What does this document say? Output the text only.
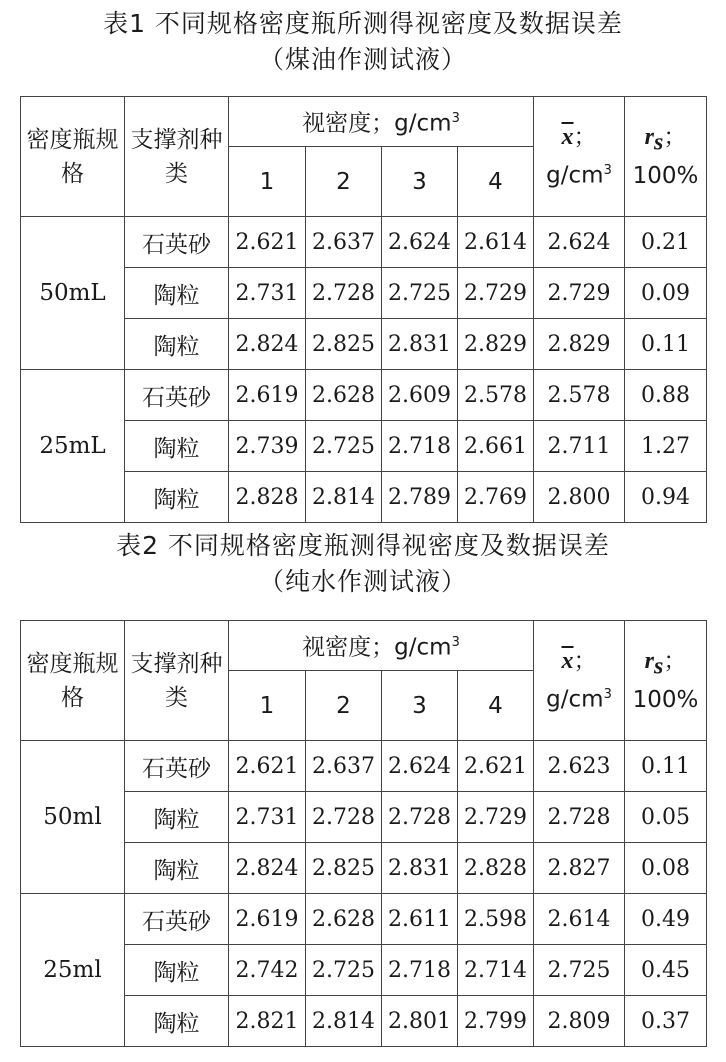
表1 不同规格密度瓶所测得视密度及数据误差
（煤油作测试液）
密度瓶规格	支撑剂种类	视密度；$g/cm^3$				$\overline{x}$；$g/cm^3$	$r_s$；100%
		1	2	3	4		
50mL	石英砂	2.621	2.637	2.624	2.614	2.624	0.21
	陶粒	2.731	2.728	2.725	2.729	2.729	0.09
	陶粒	2.824	2.825	2.831	2.829	2.829	0.11
25mL	石英砂	2.619	2.628	2.609	2.578	2.578	0.88
	陶粒	2.739	2.725	2.718	2.661	2.711	1.27
	陶粒	2.828	2.814	2.789	2.769	2.800	0.94
表2 不同规格密度瓶测得视密度及数据误差
（纯水作测试液）
密度瓶规格	支撑剂种类	视密度；$g/cm^3$				$\overline{x}$；$g/cm^3$	$r_s$；100%
		1	2	3	4		
50ml	石英砂	2.621	2.637	2.624	2.621	2.623	0.11
	陶粒	2.731	2.728	2.728	2.729	2.728	0.05
	陶粒	2.824	2.825	2.831	2.828	2.827	0.08
25ml	石英砂	2.619	2.628	2.611	2.598	2.614	0.49
	陶粒	2.742	2.725	2.718	2.714	2.725	0.45
	陶粒	2.821	2.814	2.801	2.799	2.809	0.37
